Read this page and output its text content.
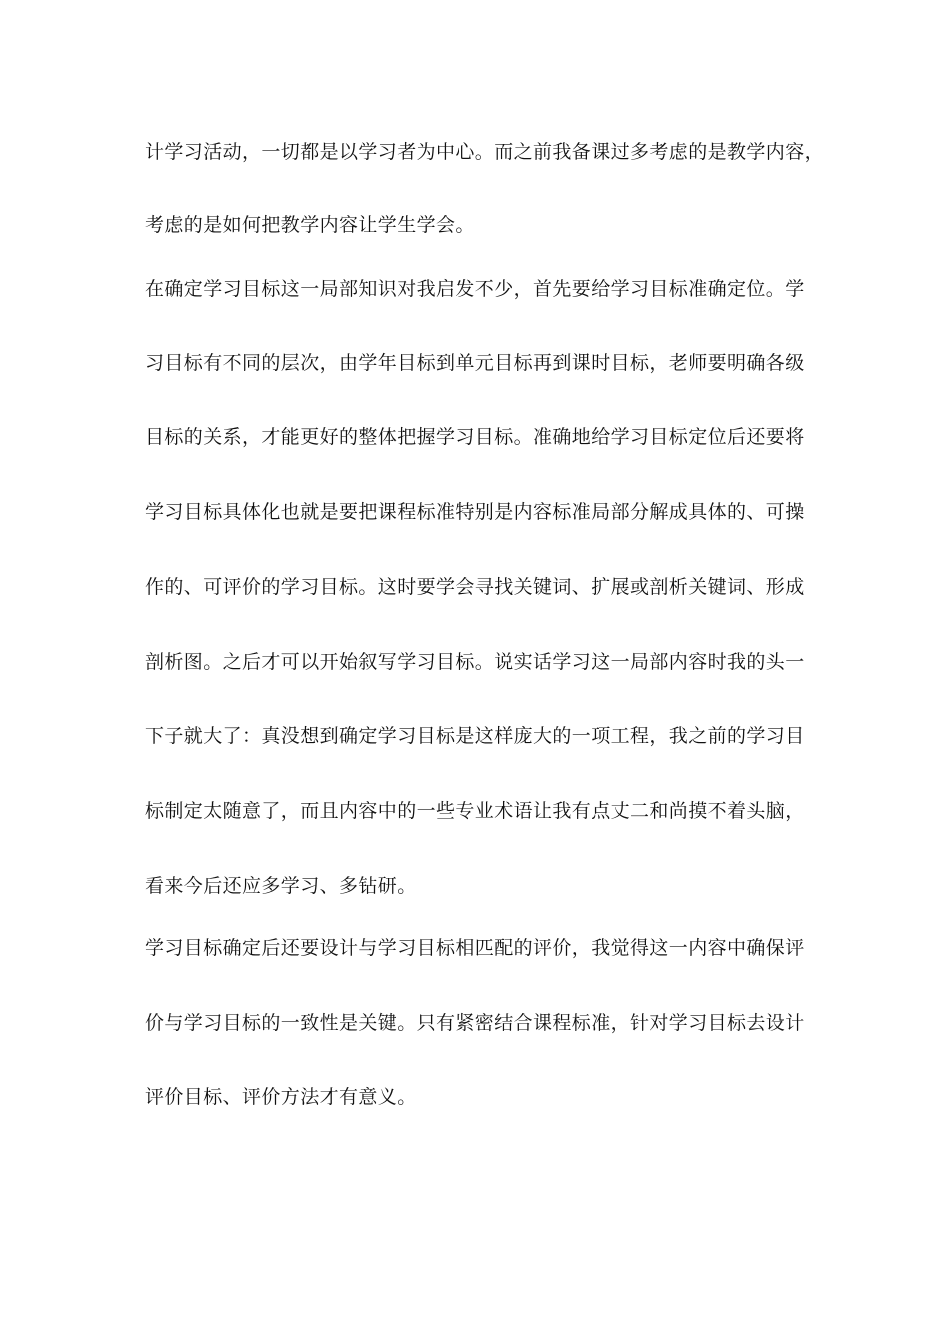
计学习活动，一切都是以学习者为中心。而之前我备课过多考虑的是教学内容，
考虑的是如何把教学内容让学生学会。
在确定学习目标这一局部知识对我启发不少，首先要给学习目标准确定位。学
习目标有不同的层次，由学年目标到单元目标再到课时目标，老师要明确各级
目标的关系，才能更好的整体把握学习目标。准确地给学习目标定位后还要将
学习目标具体化也就是要把课程标准特别是内容标准局部分解成具体的、可操
作的、可评价的学习目标。这时要学会寻找关键词、扩展或剖析关键词、形成
剖析图。之后才可以开始叙写学习目标。说实话学习这一局部内容时我的头一
下子就大了：真没想到确定学习目标是这样庞大的一项工程，我之前的学习目
标制定太随意了，而且内容中的一些专业术语让我有点丈二和尚摸不着头脑，
看来今后还应多学习、多钻研。
学习目标确定后还要设计与学习目标相匹配的评价，我觉得这一内容中确保评
价与学习目标的一致性是关键。只有紧密结合课程标准，针对学习目标去设计
评价目标、评价方法才有意义。
